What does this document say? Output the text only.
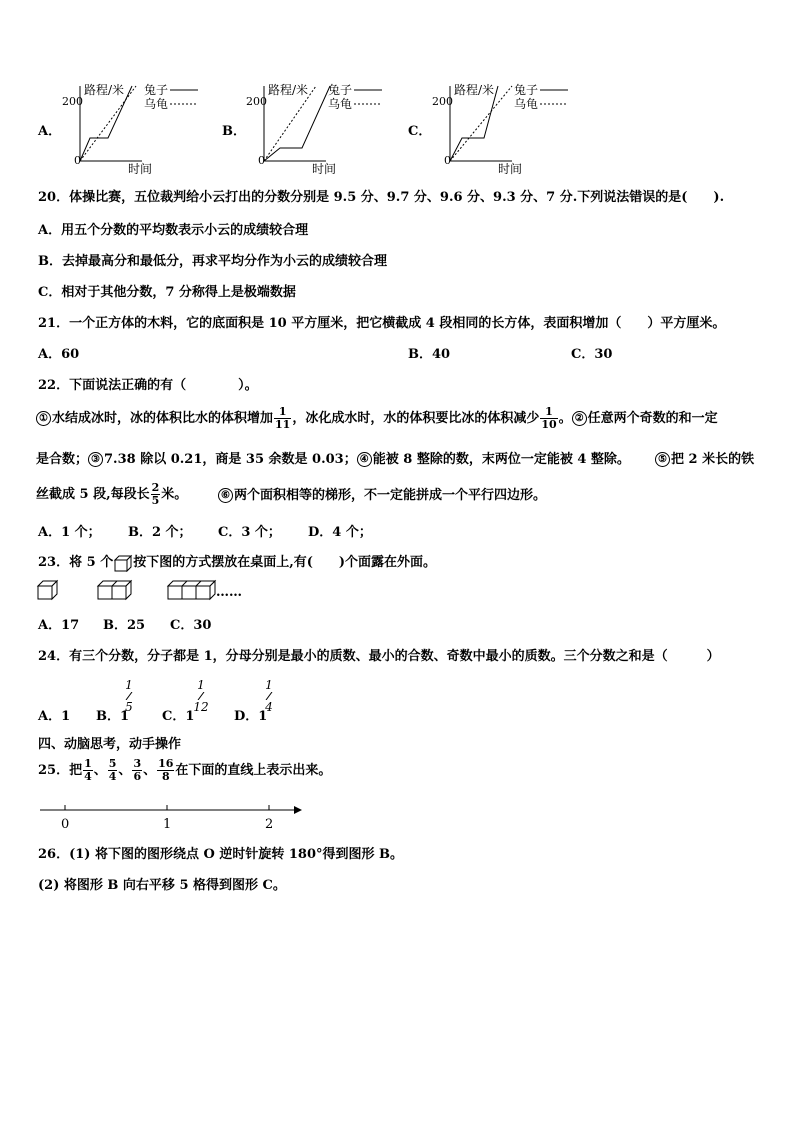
A．
路程/米
200
0
时间
兔子
乌龟
B．
路程/米
200
0
时间
兔子
乌龟
C．
路程/米
200
0
时间
兔子
乌龟
20．体操比赛，五位裁判给小云打出的分数分别是 9.5 分、9.7 分、9.6 分、9.3 分、7 分.下列说法错误的是(　　).
A．用五个分数的平均数表示小云的成绩较合理
B．去掉最高分和最低分，再求平均分作为小云的成绩较合理
C．相对于其他分数，7 分称得上是极端数据
21．一个正方体的木料，它的底面积是 10 平方厘米，把它横截成 4 段相同的长方体，表面积增加（　　）平方厘米。
A．60	B．40	C．30
22．下面说法正确的有（　　　　）。
① 水结成冰时，冰的体积比水的体积增加 $\frac{1}{11}$ ，冰化成水时，水的体积要比冰的体积减少 $\frac{1}{10}$ 。 ② 任意两个奇数的和一定
是合数； ③ 7.38 除以 0.21，商是 35 余数是 0.03； ④ 能被 8 整除的数，末两位一定能被 4 整除。	⑤ 把 2 米长的铁
丝截成 5 段,每段长 $\frac{2}{5}$ 米。	⑥ 两个面积相等的梯形，不一定能拼成一个平行四边形。
A．1 个； B．2 个； C．3 个； D．4 个；
23．将 5 个 按下图的方式摆放在桌面上,有(　　)个面露在外面。
……
A．17 B．25 C．30
24．有三个分数，分子都是 1，分母分别是最小的质数、最小的合数、奇数中最小的质数。三个分数之和是（　　　）
A．1 B．1
1
5
C．1
1
12
D．1
1
4
四、动脑思考，动手操作
25．把 $\frac{1}{4}$ 、 $\frac{5}{4}$ 、 $\frac{3}{6}$ 、 $\frac{16}{8}$ 在下面的直线上表示出来。
0	1	2
26．(1) 将下图的图形绕点 O 逆时针旋转 180°得到图形 B。
(2) 将图形 B 向右平移 5 格得到图形 C。
